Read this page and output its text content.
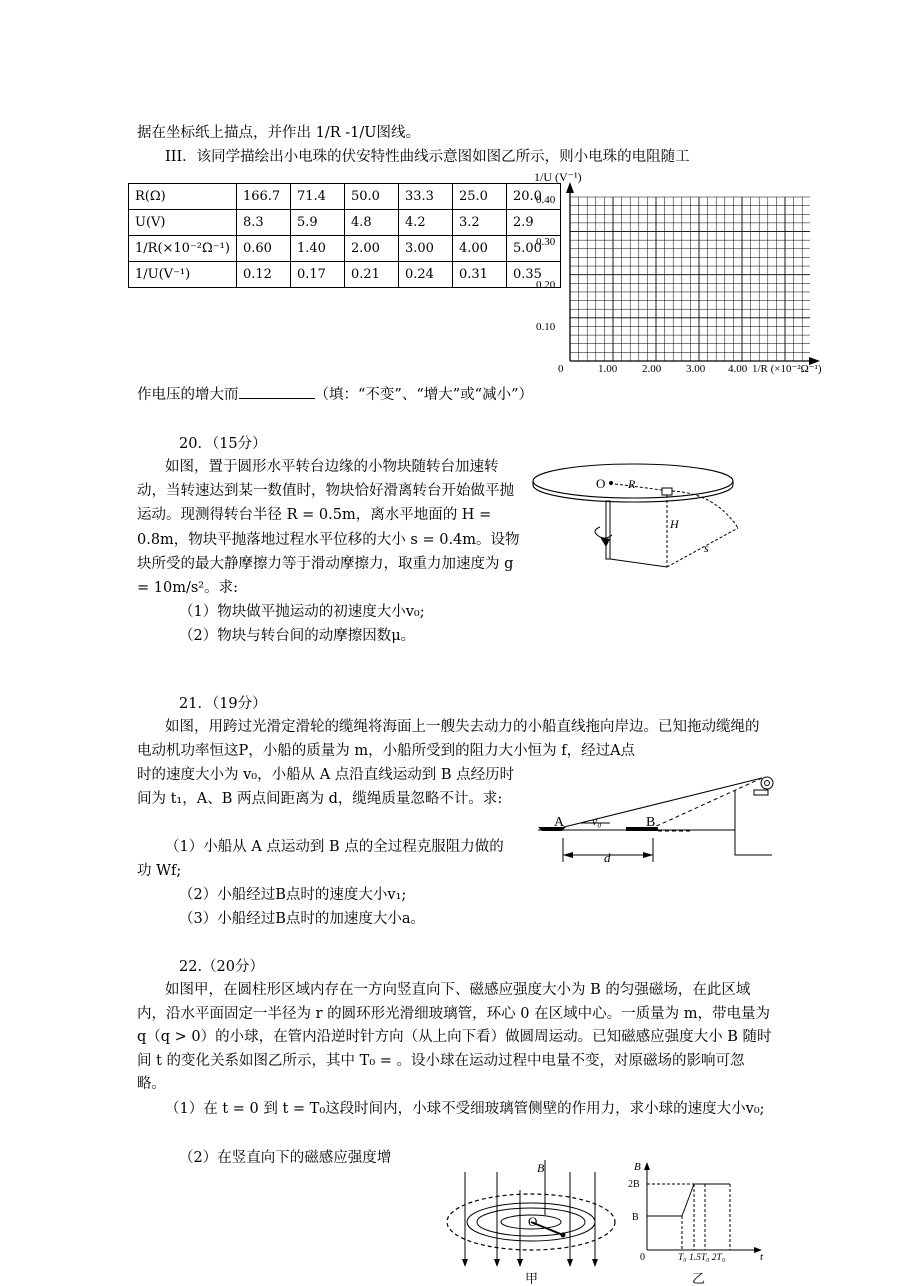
据在坐标纸上描点，并作出 1/R -1/U图线。
III．该同学描绘出小电珠的伏安特性曲线示意图如图乙所示，则小电珠的电阻随工
R(Ω)	166.7	71.4	50.0	33.3	25.0	20.0
U(V)	8.3	5.9	4.8	4.2	3.2	2.9
1/R(×10⁻²Ω⁻¹)	0.60	1.40	2.00	3.00	4.00	5.00
1/U(V⁻¹)	0.12	0.17	0.21	0.24	0.31	0.35
1/U (V⁻¹)
0.40
0.30
0.20
0.10
0	1.00 2.00 3.00 4.00 1/R (×10⁻²Ω⁻¹)
作电压的增大而	（填：“不变”、“增大”或“减小”）
20．（15分）
如图，置于圆形水平转台边缘的小物块随转台加速转动，当转速达到某一数值时，物块恰好滑离转台开始做平抛运动。现测得转台半径 R = 0.5m，离水平地面的 H = 0.8m，物块平抛落地过程水平位移的大小 s = 0.4m。设物块所受的最大静摩擦力等于滑动摩擦力，取重力加速度为 g = 10m/s²。求:
（1）物块做平抛运动的初速度大小v₀;
（2）物块与转台间的动摩擦因数μ。
O R
H
s
21．（19分）
如图，用跨过光滑定滑轮的缆绳将海面上一艘失去动力的小船直线拖向岸边。已知拖动缆绳的电动机功率恒这P，小船的质量为 m，小船所受到的阻力大小恒为 f，经过A点
时的速度大小为 v₀，小船从 A 点沿直线运动到 B 点经历时间为 t₁，A、B 两点间距离为 d，缆绳质量忽略不计。求:
（1）小船从 A 点运动到 B 点的全过程克服阻力做的功 Wf;
（2）小船经过B点时的速度大小v₁;
（3）小船经过B点时的加速度大小a。
A	B
v₀
d
22.（20分）
如图甲，在圆柱形区域内存在一方向竖直向下、磁感应强度大小为 B 的匀强磁场，在此区域内，沿水平面固定一半径为 r 的圆环形光滑细玻璃管，环心 0 在区域中心。一质量为 m，带电量为 q（q > 0）的小球，在管内沿逆时针方向（从上向下看）做圆周运动。已知磁感应强度大小 B 随时间 t 的变化关系如图乙所示，其中 T₀ = 。设小球在运动过程中电量不变，对原磁场的影响可忽略。
（1）在 t = 0 到 t = T₀这段时间内，小球不受细玻璃管侧壁的作用力，求小球的速度大小v₀;
（2）在竖直向下的磁感应强度增
B
O
甲
B
2B
B
0	T₀ 1.5T₀ 2T₀	t
乙
